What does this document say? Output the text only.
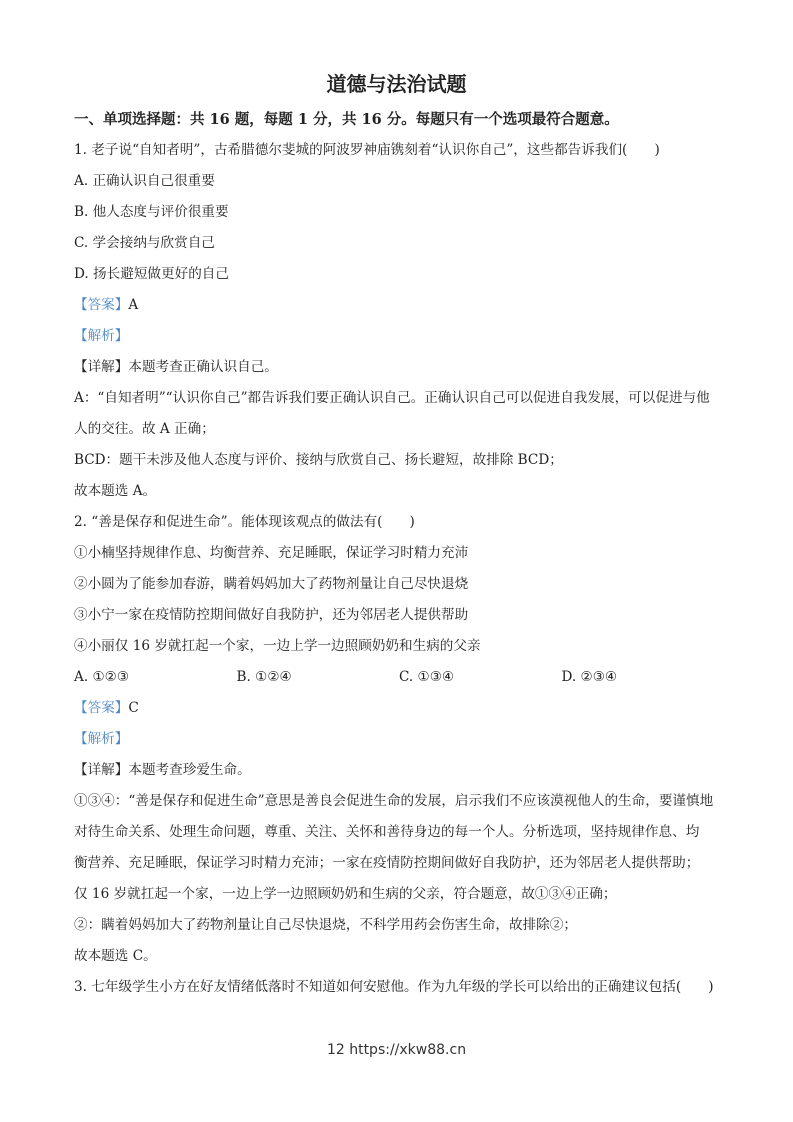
道德与法治试题
一、单项选择题：共 16 题，每题 1 分，共 16 分。每题只有一个选项最符合题意。
1. 老子说“自知者明”，古希腊德尔斐城的阿波罗神庙镌刻着“认识你自己”，这些都告诉我们(　　)
A. 正确认识自己很重要
B. 他人态度与评价很重要
C. 学会接纳与欣赏自己
D. 扬长避短做更好的自己
【答案】A
【解析】
【详解】本题考查正确认识自己。
A：“自知者明”“认识你自己”都告诉我们要正确认识自己。正确认识自己可以促进自我发展，可以促进与他
人的交往。故 A 正确；
BCD：题干未涉及他人态度与评价、接纳与欣赏自己、扬长避短，故排除 BCD；
故本题选 A。
2. “善是保存和促进生命”。能体现该观点的做法有(　　)
①小楠坚持规律作息、均衡营养、充足睡眠，保证学习时精力充沛
②小圆为了能参加春游，瞒着妈妈加大了药物剂量让自己尽快退烧
③小宁一家在疫情防控期间做好自我防护，还为邻居老人提供帮助
④小丽仅 16 岁就扛起一个家，一边上学一边照顾奶奶和生病的父亲
A. ①②③	B. ①②④	C. ①③④	D. ②③④
【答案】C
【解析】
【详解】本题考查珍爱生命。
①③④：“善是保存和促进生命”意思是善良会促进生命的发展，启示我们不应该漠视他人的生命，要谨慎地
对待生命关系、处理生命问题，尊重、关注、关怀和善待身边的每一个人。分析选项，坚持规律作息、均
衡营养、充足睡眠，保证学习时精力充沛；一家在疫情防控期间做好自我防护，还为邻居老人提供帮助；
仅 16 岁就扛起一个家，一边上学一边照顾奶奶和生病的父亲，符合题意，故①③④正确；
②：瞒着妈妈加大了药物剂量让自己尽快退烧，不科学用药会伤害生命，故排除②；
故本题选 C。
3. 七年级学生小方在好友情绪低落时不知道如何安慰他。作为九年级的学长可以给出的正确建议包括(　　)
12 https://xkw88.cn
